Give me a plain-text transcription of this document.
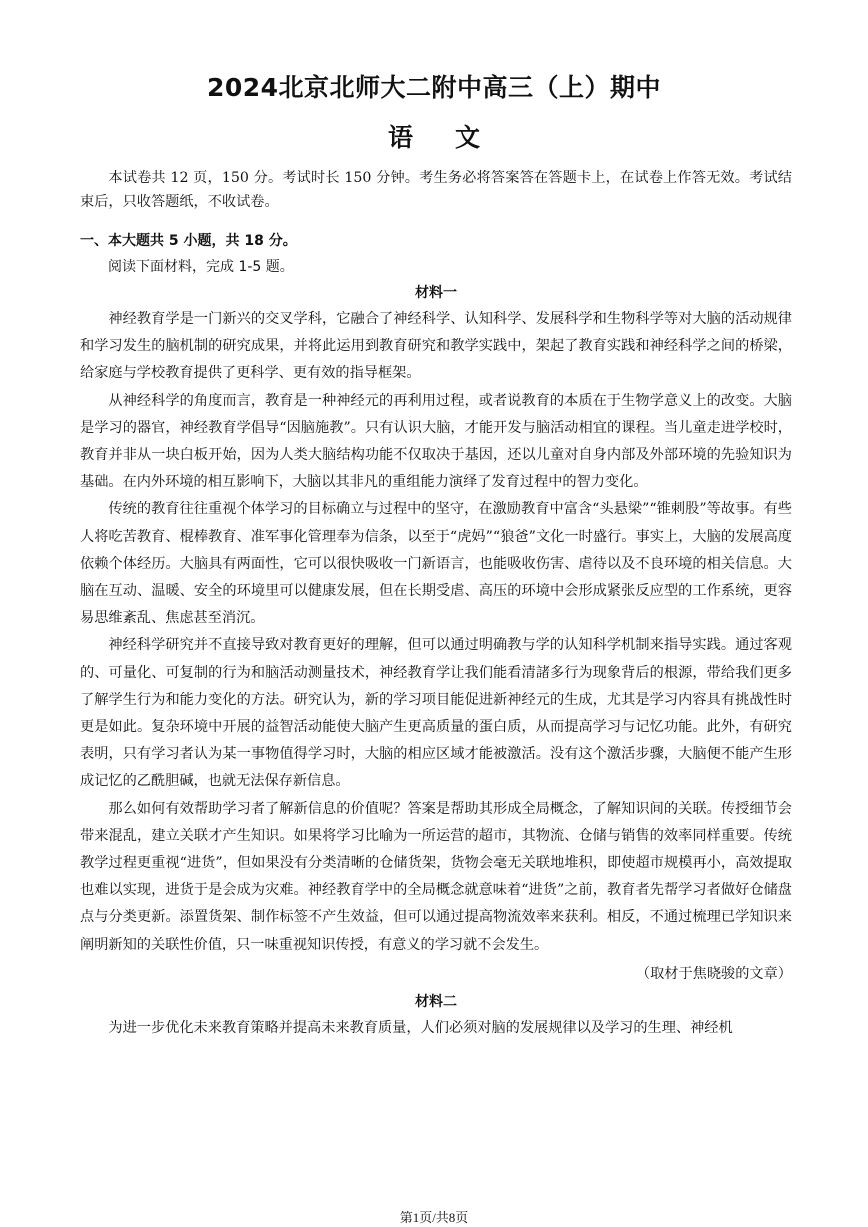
2024北京北师大二附中高三（上）期中
语文

本试卷共 12 页，150 分。考试时长 150 分钟。考生务必将答案答在答题卡上，在试卷上作答无效。考试结束后，只收答题纸，不收试卷。

一、本大题共 5 小题，共 18 分。

阅读下面材料，完成 1-5 题。

材料一

神经教育学是一门新兴的交叉学科，它融合了神经科学、认知科学、发展科学和生物科学等对大脑的活动规律和学习发生的脑机制的研究成果，并将此运用到教育研究和教学实践中，架起了教育实践和神经科学之间的桥梁，给家庭与学校教育提供了更科学、更有效的指导框架。

从神经科学的角度而言，教育是一种神经元的再利用过程，或者说教育的本质在于生物学意义上的改变。大脑是学习的器官，神经教育学倡导“因脑施教”。只有认识大脑，才能开发与脑活动相宜的课程。当儿童走进学校时，教育并非从一块白板开始，因为人类大脑结构功能不仅取决于基因，还以儿童对自身内部及外部环境的先验知识为基础。在内外环境的相互影响下，大脑以其非凡的重组能力演绎了发育过程中的智力变化。

传统的教育往往重视个体学习的目标确立与过程中的坚守，在激励教育中富含“头悬梁”“锥刺股”等故事。有些人将吃苦教育、棍棒教育、准军事化管理奉为信条，以至于“虎妈”“狼爸”文化一时盛行。事实上，大脑的发展高度依赖个体经历。大脑具有两面性，它可以很快吸收一门新语言，也能吸收伤害、虐待以及不良环境的相关信息。大脑在互动、温暖、安全的环境里可以健康发展，但在长期受虐、高压的环境中会形成紧张反应型的工作系统，更容易思维紊乱、焦虑甚至消沉。

神经科学研究并不直接导致对教育更好的理解，但可以通过明确教与学的认知科学机制来指导实践。通过客观的、可量化、可复制的行为和脑活动测量技术，神经教育学让我们能看清諸多行为现象背后的根源，带给我们更多了解学生行为和能力变化的方法。研究认为，新的学习项目能促进新神经元的生成，尤其是学习内容具有挑战性时更是如此。复杂环境中开展的益智活动能使大脑产生更高质量的蛋白质，从而提高学习与记忆功能。此外，有研究表明，只有学习者认为某一事物值得学习时，大脑的相应区域才能被激活。没有这个激活步骤，大脑便不能产生形成记忆的乙酰胆碱，也就无法保存新信息。

那么如何有效帮助学习者了解新信息的价值呢？答案是帮助其形成全局概念，了解知识间的关联。传授细节会带来混乱，建立关联才产生知识。如果将学习比喻为一所运营的超市，其物流、仓储与销售的效率同样重要。传统教学过程更重视“进货”，但如果没有分类清晰的仓储货架，货物会毫无关联地堆积，即使超市规模再小，高效提取也难以实现，进货于是会成为灾难。神经教育学中的全局概念就意味着“进货”之前，教育者先帮学习者做好仓储盘点与分类更新。添置货架、制作标签不产生效益，但可以通过提高物流效率来获利。相反，不通过梳理已学知识来阐明新知的关联性价值，只一味重视知识传授，有意义的学习就不会发生。

（取材于焦晓骏的文章）

材料二

为进一步优化未来教育策略并提高未来教育质量，人们必须对脑的发展规律以及学习的生理、神经机

第1页/共8页
